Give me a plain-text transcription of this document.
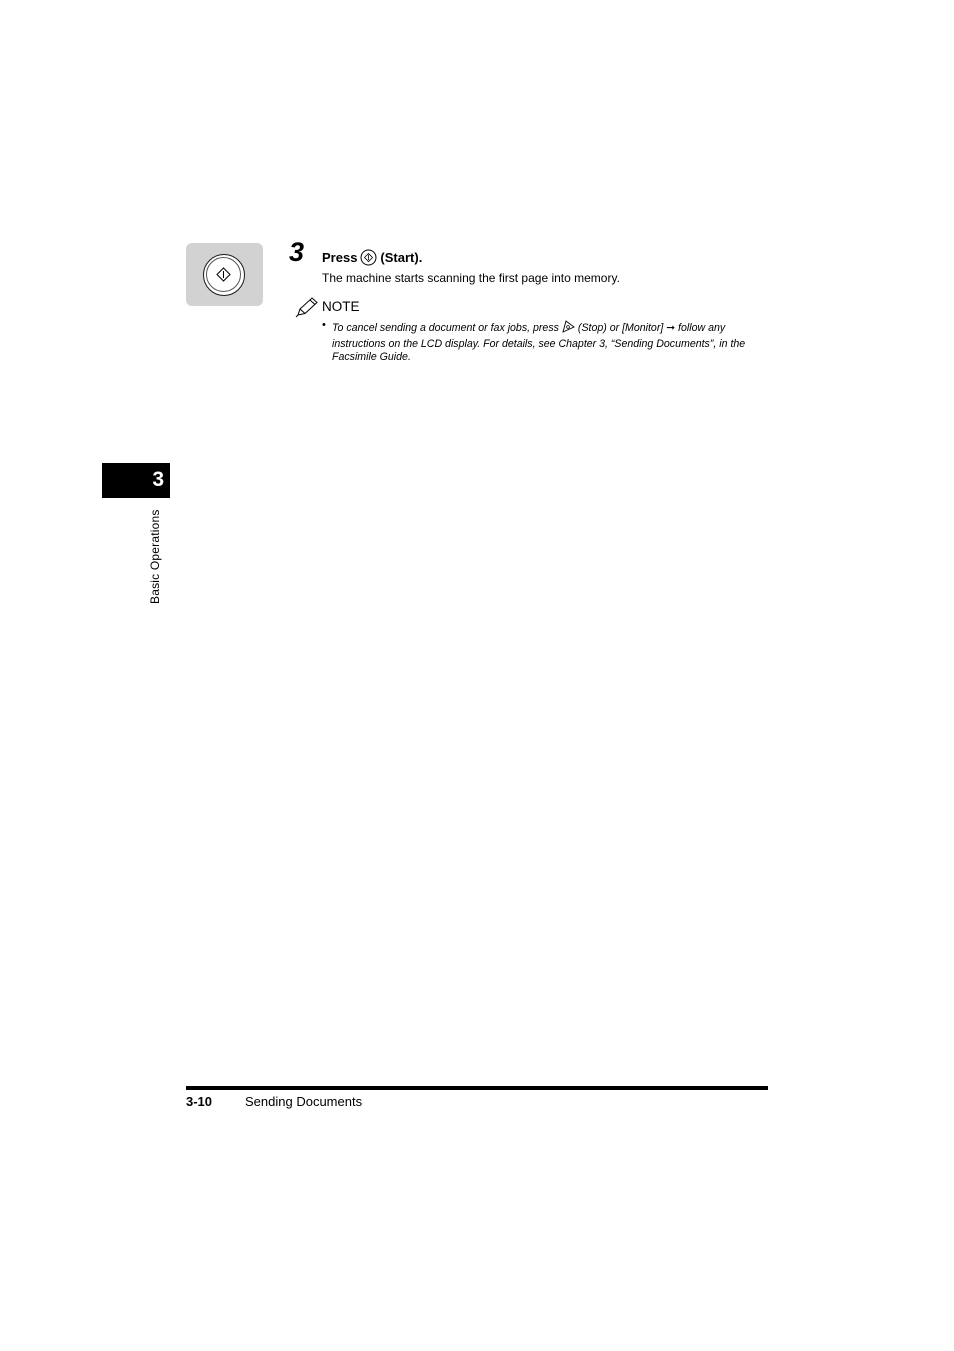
3 Press (Start).
The machine starts scanning the first page into memory.
NOTE
• To cancel sending a document or fax jobs, press (Stop) or [Monitor] ➞ follow any instructions on the LCD display. For details, see Chapter 3, “Sending Documents”, in the Facsimile Guide.
3
Basic Operations
3-10	Sending Documents
